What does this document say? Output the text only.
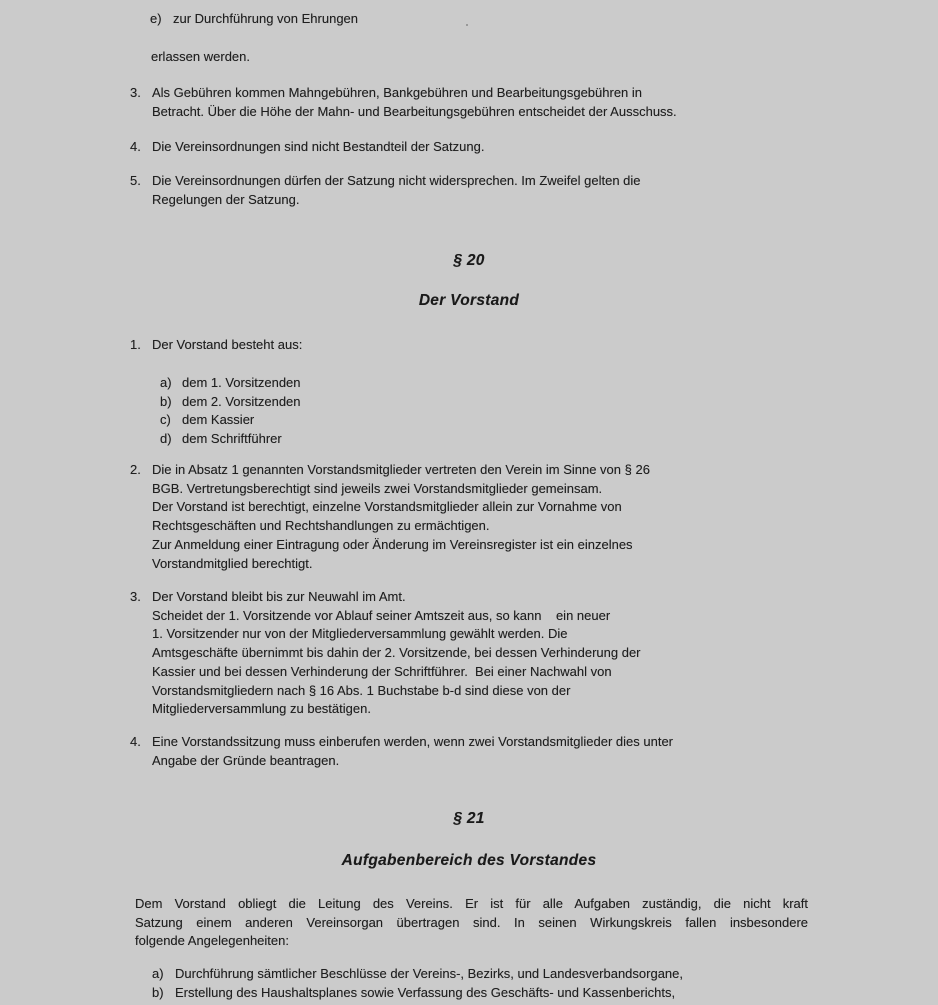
e) zur Durchführung von Ehrungen
erlassen werden.
3. Als Gebühren kommen Mahngebühren, Bankgebühren und Bearbeitungsgebühren in
Betracht. Über die Höhe der Mahn- und Bearbeitungsgebühren entscheidet der Ausschuss.
4. Die Vereinsordnungen sind nicht Bestandteil der Satzung.
5. Die Vereinsordnungen dürfen der Satzung nicht widersprechen. Im Zweifel gelten die
Regelungen der Satzung.
§ 20
Der Vorstand
1. Der Vorstand besteht aus:
a) dem 1. Vorsitzenden
b) dem 2. Vorsitzenden
c) dem Kassier
d) dem Schriftführer
2. Die in Absatz 1 genannten Vorstandsmitglieder vertreten den Verein im Sinne von § 26
BGB. Vertretungsberechtigt sind jeweils zwei Vorstandsmitglieder gemeinsam.
Der Vorstand ist berechtigt, einzelne Vorstandsmitglieder allein zur Vornahme von
Rechtsgeschäften und Rechtshandlungen zu ermächtigen.
Zur Anmeldung einer Eintragung oder Änderung im Vereinsregister ist ein einzelnes
Vorstandmitglied berechtigt.
3. Der Vorstand bleibt bis zur Neuwahl im Amt.
Scheidet der 1. Vorsitzende vor Ablauf seiner Amtszeit aus, so kann    ein neuer
1. Vorsitzender nur von der Mitgliederversammlung gewählt werden. Die
Amtsgeschäfte übernimmt bis dahin der 2. Vorsitzende, bei dessen Verhinderung der
Kassier und bei dessen Verhinderung der Schriftführer.  Bei einer Nachwahl von
Vorstandsmitgliedern nach § 16 Abs. 1 Buchstabe b-d sind diese von der
Mitgliederversammlung zu bestätigen.
4. Eine Vorstandssitzung muss einberufen werden, wenn zwei Vorstandsmitglieder dies unter
Angabe der Gründe beantragen.
§ 21
Aufgabenbereich des Vorstandes
Dem Vorstand obliegt die Leitung des Vereins. Er ist für alle Aufgaben zuständig, die nicht kraft
Satzung einem anderen Vereinsorgan übertragen sind. In seinen Wirkungskreis fallen insbesondere
folgende Angelegenheiten:
a) Durchführung sämtlicher Beschlüsse der Vereins-, Bezirks, und Landesverbandsorgane,
b) Erstellung des Haushaltsplanes sowie Verfassung des Geschäfts- und Kassenberichts,
